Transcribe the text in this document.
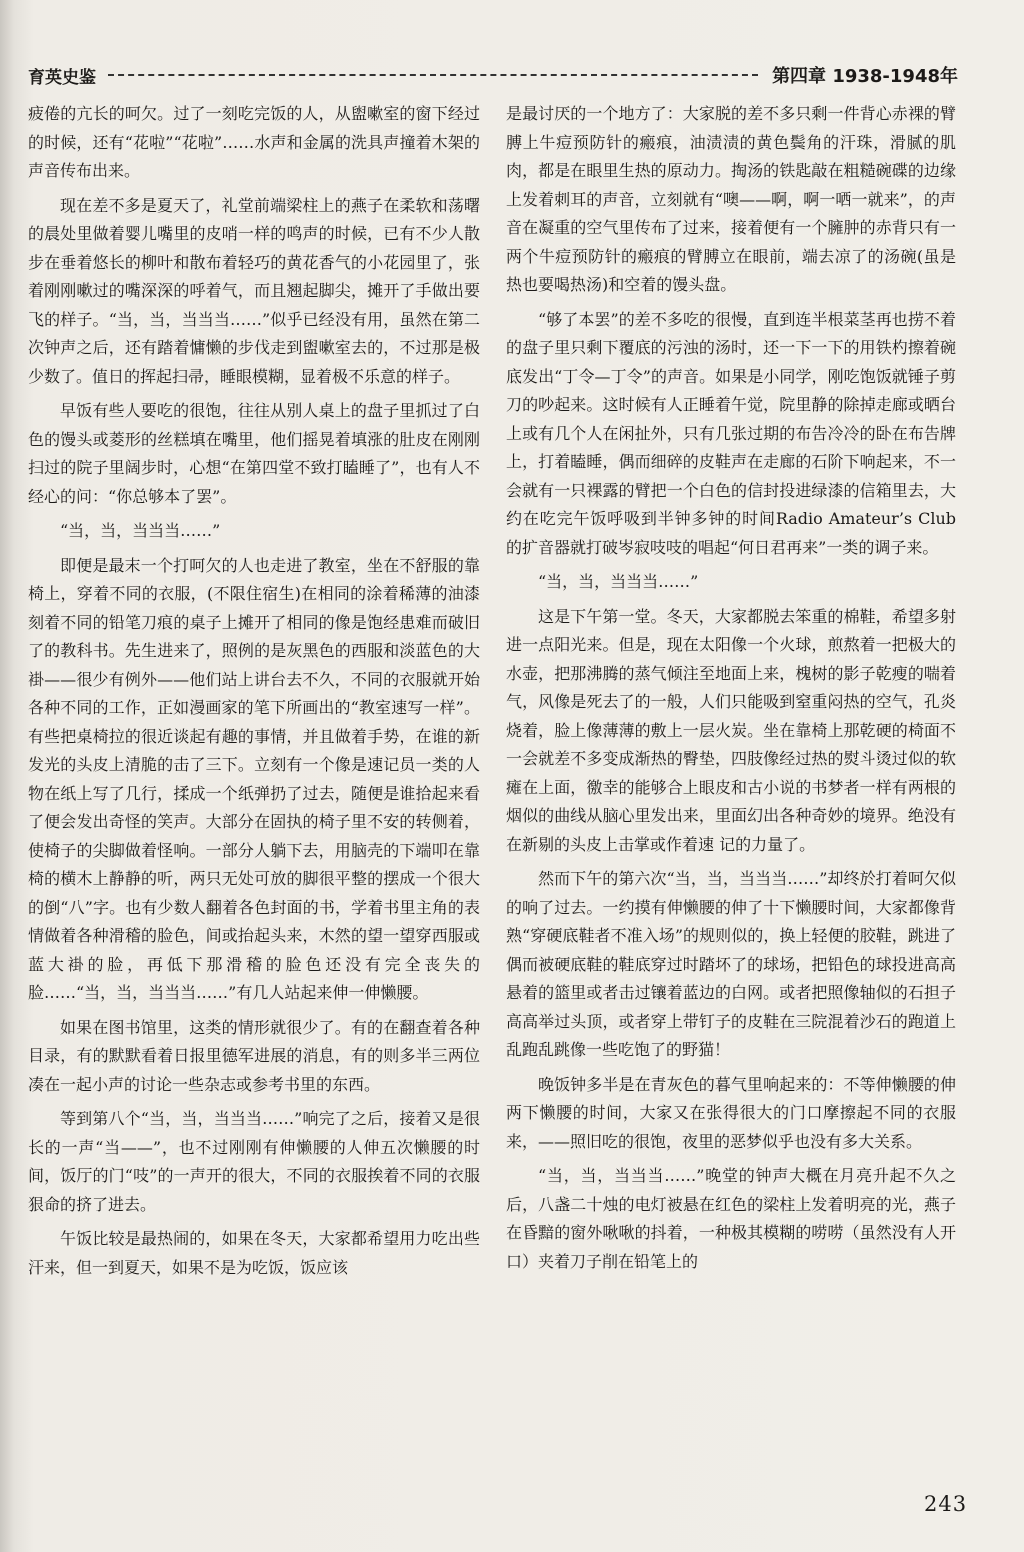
育英史鉴	第四章 1938-1948年

疲倦的亢长的呵欠。过了一刻吃完饭的人，从盥嗽室的窗下经过的时候，还有“花啦”“花啦”……水声和金属的洗具声撞着木架的声音传布出来。

现在差不多是夏天了，礼堂前端梁柱上的燕子在柔软和荡曙的晨处里做着婴儿嘴里的皮哨一样的鸣声的时候，已有不少人散步在垂着悠长的柳叶和散布着轻巧的黄花香气的小花园里了，张着刚刚嗽过的嘴深深的呼着气，而且翘起脚尖，摊开了手做出要飞的样子。“当，当，当当当……”似乎已经没有用，虽然在第二次钟声之后，还有踏着慵懒的步伐走到盥嗽室去的，不过那是极少数了。值日的挥起扫帚，睡眼模糊，显着极不乐意的样子。

早饭有些人要吃的很饱，往往从别人桌上的盘子里抓过了白色的馒头或菱形的丝糕填在嘴里，他们摇晃着填涨的肚皮在刚刚扫过的院子里阔步时，心想“在第四堂不致打瞌睡了”，也有人不经心的问：“你总够本了罢”。

“当，当，当当当……”

即便是最末一个打呵欠的人也走进了教室，坐在不舒服的靠椅上，穿着不同的衣服，(不限住宿生)在相同的涂着稀薄的油漆刻着不同的铅笔刀痕的桌子上摊开了相同的像是饱经患难而破旧了的教科书。先生进来了，照例的是灰黑色的西服和淡蓝色的大褂——很少有例外——他们站上讲台去不久，不同的衣服就开始各种不同的工作，正如漫画家的笔下所画出的“教室速写一样”。有些把桌椅拉的很近谈起有趣的事情，并且做着手势，在谁的新发光的头皮上清脆的击了三下。立刻有一个像是速记员一类的人物在纸上写了几行，揉成一个纸弹扔了过去，随便是谁拾起来看了便会发出奇怪的笑声。大部分在固执的椅子里不安的转侧着，使椅子的尖脚做着怪响。一部分人躺下去，用脑壳的下端叩在靠椅的横木上静静的听，两只无处可放的脚很平整的摆成一个很大的倒“八”字。也有少数人翻着各色封面的书，学着书里主角的表情做着各种滑稽的脸色，间或抬起头来，木然的望一望穿西服或蓝大褂的脸，再低下那滑稽的脸色还没有完全丧失的脸……“当，当，当当当……”有几人站起来伸一伸懒腰。

如果在图书馆里，这类的情形就很少了。有的在翻查着各种目录，有的默默看着日报里德军进展的消息，有的则多半三两位凑在一起小声的讨论一些杂志或参考书里的东西。

等到第八个“当，当，当当当……”响完了之后，接着又是很长的一声“当——”，也不过刚刚有伸懒腰的人伸五次懒腰的时间，饭厅的门“吱”的一声开的很大，不同的衣服挨着不同的衣服狠命的挤了进去。

午饭比较是最热闹的，如果在冬天，大家都希望用力吃出些汗来，但一到夏天，如果不是为吃饭，饭应该

是最讨厌的一个地方了：大家脱的差不多只剩一件背心赤裸的臂膊上牛痘预防针的瘢痕，油渍渍的黄色鬓角的汗珠，滑腻的肌肉，都是在眼里生热的原动力。掏汤的铁匙敲在粗糙碗碟的边缘上发着刺耳的声音，立刻就有“噢——啊，啊一哂一就来”，的声音在凝重的空气里传布了过来，接着便有一个臃肿的赤背只有一两个牛痘预防针的瘢痕的臂膊立在眼前，端去凉了的汤碗(虽是热也要喝热汤)和空着的馒头盘。

“够了本罢”的差不多吃的很慢，直到连半根菜茎再也捞不着的盘子里只剩下覆底的污浊的汤时，还一下一下的用铁杓擦着碗底发出“丁令—丁令”的声音。如果是小同学，刚吃饱饭就锤子剪刀的吵起来。这时候有人正睡着午觉，院里静的除掉走廊或晒台上或有几个人在闲扯外，只有几张过期的布告冷冷的卧在布告牌上，打着瞌睡，偶而细碎的皮鞋声在走廊的石阶下响起来，不一会就有一只裸露的臂把一个白色的信封投进绿漆的信箱里去，大约在吃完午饭呼吸到半钟多钟的时间Radio Amateur’s Club的扩音器就打破岑寂吱吱的唱起“何日君再来”一类的调子来。

“当，当，当当当……”

这是下午第一堂。冬天，大家都脱去笨重的棉鞋，希望多射进一点阳光来。但是，现在太阳像一个火球，煎熬着一把极大的水壶，把那沸腾的蒸气倾注至地面上来，槐树的影子乾瘦的喘着气，风像是死去了的一般，人们只能吸到窒重闷热的空气，孔炎烧着，脸上像薄薄的敷上一层火炭。坐在靠椅上那乾硬的椅面不一会就差不多变成渐热的臀垫，四肢像经过热的熨斗烫过似的软瘫在上面，徼幸的能够合上眼皮和古小说的书梦者一样有两根的烟似的曲线从脑心里发出来，里面幻出各种奇妙的境界。绝没有在新剔的头皮上击掌或作着速 记的力量了。

然而下午的第六次“当，当，当当当……”却终於打着呵欠似的响了过去。一约摸有伸懒腰的伸了十下懒腰时间，大家都像背熟“穿硬底鞋者不准入场”的规则似的，换上轻便的胶鞋，跳进了偶而被硬底鞋的鞋底穿过时踏坏了的球场，把铅色的球投进高高悬着的篮里或者击过镶着蓝边的白网。或者把照像轴似的石担子高高举过头顶，或者穿上带钉子的皮鞋在三院混着沙石的跑道上乱跑乱跳像一些吃饱了的野猫！

晚饭钟多半是在青灰色的暮气里响起来的：不等伸懒腰的伸两下懒腰的时间，大家又在张得很大的门口摩擦起不同的衣服来，——照旧吃的很饱，夜里的恶梦似乎也没有多大关系。

“当，当，当当当……”晚堂的钟声大概在月亮升起不久之后，八盏二十烛的电灯被悬在红色的梁柱上发着明亮的光，燕子在昏黯的窗外啾啾的抖着，一种极其模糊的唠唠（虽然没有人开口）夹着刀子削在铅笔上的

243
